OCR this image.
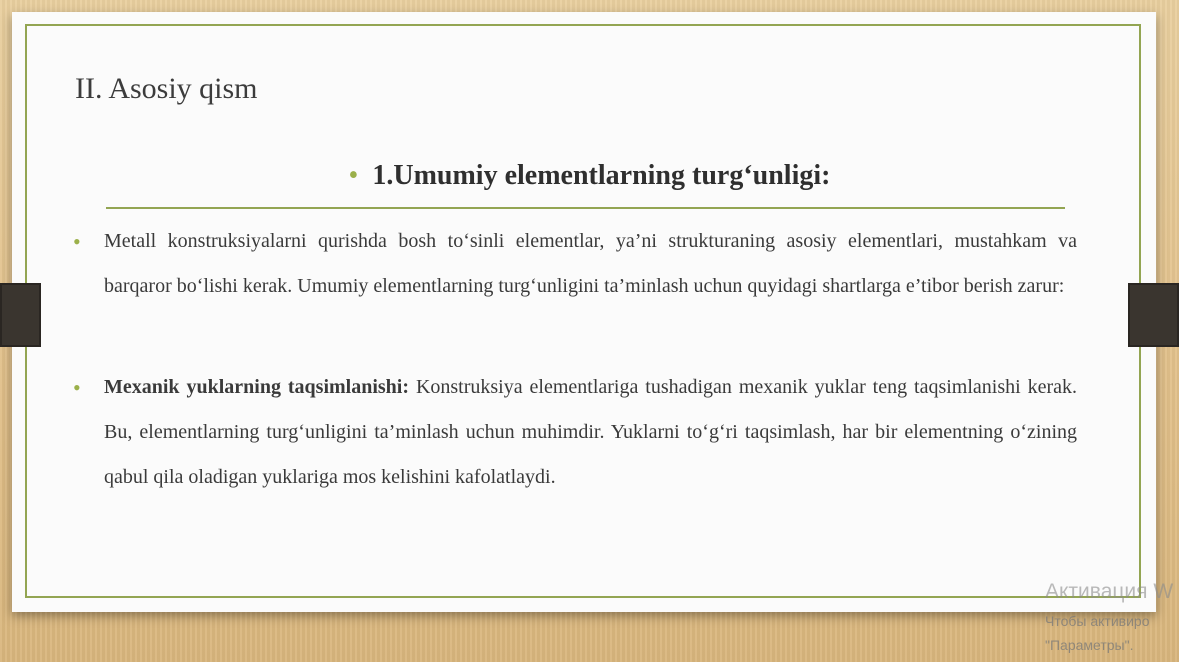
II. Asosiy qism
• 1.Umumiy elementlarning turg‘unligi:
• Metall konstruksiyalarni qurishda bosh to‘sinli elementlar, ya’ni strukturaning asosiy elementlari, mustahkam va barqaror bo‘lishi kerak. Umumiy elementlarning turg‘unligini ta’minlash uchun quyidagi shartlarga e’tibor berish zarur:
• Mexanik yuklarning taqsimlanishi: Konstruksiya elementlariga tushadigan mexanik yuklar teng taqsimlanishi kerak. Bu, elementlarning turg‘unligini ta’minlash uchun muhimdir. Yuklarni to‘g‘ri taqsimlash, har bir elementning o‘zining qabul qila oladigan yuklariga mos kelishini kafolatlaydi.
Активация W
Чтобы активиро
"Параметры".
